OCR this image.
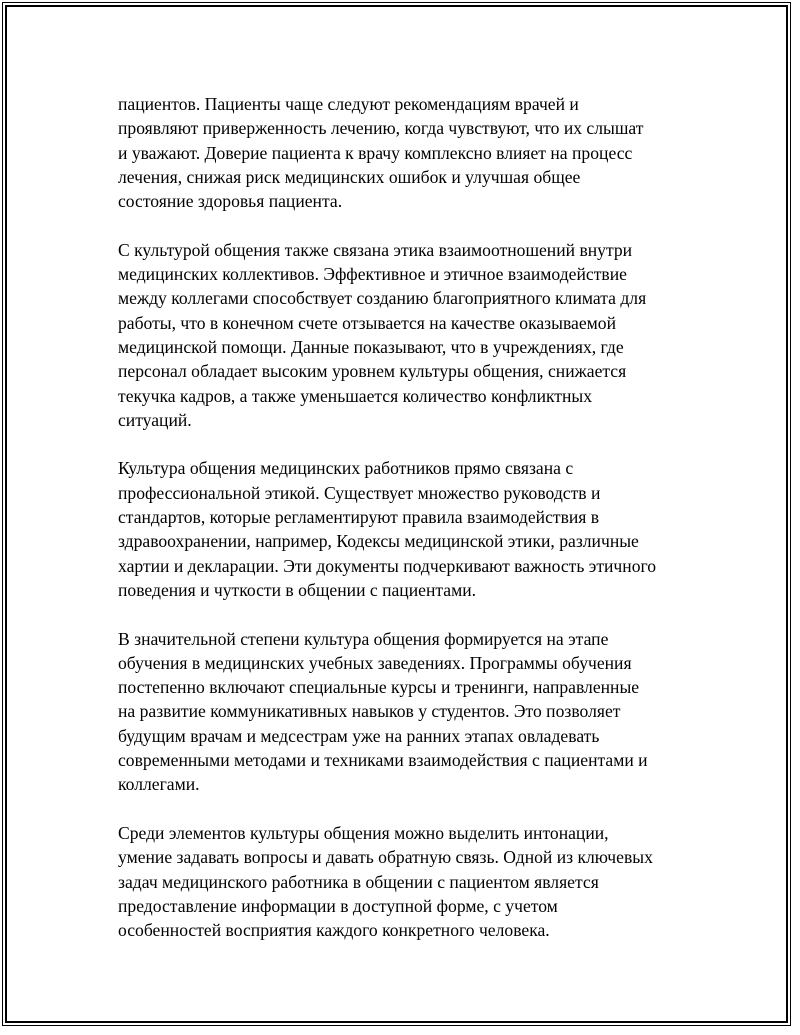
пациентов. Пациенты чаще следуют рекомендациям врачей и
проявляют приверженность лечению, когда чувствуют, что их слышат
и уважают. Доверие пациента к врачу комплексно влияет на процесс
лечения, снижая риск медицинских ошибок и улучшая общее
состояние здоровья пациента.

С культурой общения также связана этика взаимоотношений внутри
медицинских коллективов. Эффективное и этичное взаимодействие
между коллегами способствует созданию благоприятного климата для
работы, что в конечном счете отзывается на качестве оказываемой
медицинской помощи. Данные показывают, что в учреждениях, где
персонал обладает высоким уровнем культуры общения, снижается
текучка кадров, а также уменьшается количество конфликтных
ситуаций.

Культура общения медицинских работников прямо связана с
профессиональной этикой. Существует множество руководств и
стандартов, которые регламентируют правила взаимодействия в
здравоохранении, например, Кодексы медицинской этики, различные
хартии и декларации. Эти документы подчеркивают важность этичного
поведения и чуткости в общении с пациентами.

В значительной степени культура общения формируется на этапе
обучения в медицинских учебных заведениях. Программы обучения
постепенно включают специальные курсы и тренинги, направленные
на развитие коммуникативных навыков у студентов. Это позволяет
будущим врачам и медсестрам уже на ранних этапах овладевать
современными методами и техниками взаимодействия с пациентами и
коллегами.

Среди элементов культуры общения можно выделить интонации,
умение задавать вопросы и давать обратную связь. Одной из ключевых
задач медицинского работника в общении с пациентом является
предоставление информации в доступной форме, с учетом
особенностей восприятия каждого конкретного человека.
